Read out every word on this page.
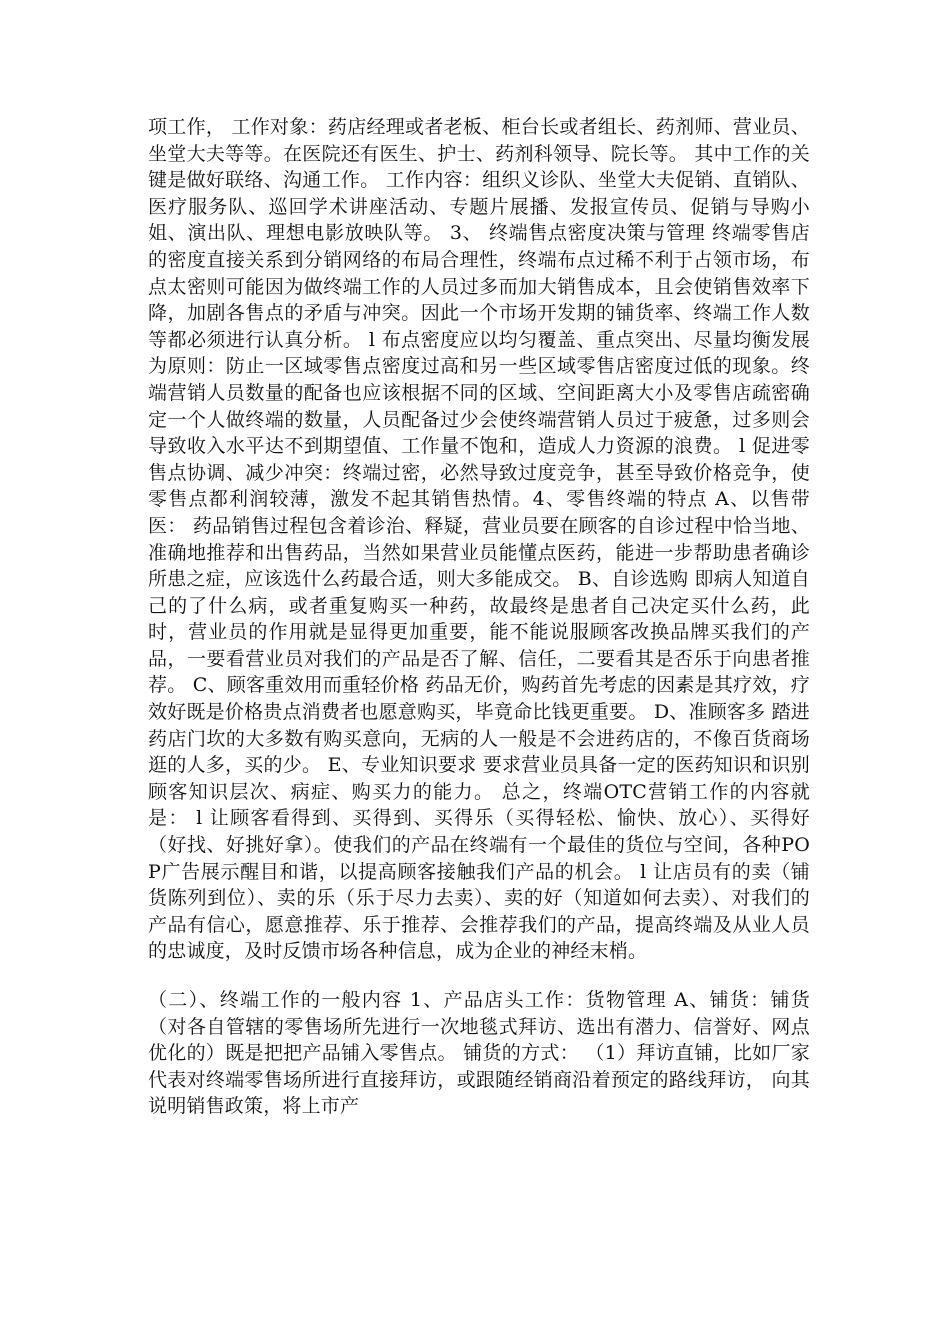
项工作， 工作对象：药店经理或者老板、柜台长或者组长、药剂师、营业员、坐堂大夫等等。在医院还有医生、护士、药剂科领导、院长等。 其中工作的关键是做好联络、沟通工作。 工作内容：组织义诊队、坐堂大夫促销、直销队、医疗服务队、巡回学术讲座活动、专题片展播、发报宣传员、促销与导购小姐、演出队、理想电影放映队等。 3、 终端售点密度决策与管理 终端零售店的密度直接关系到分销网络的布局合理性，终端布点过稀不利于占领市场，布点太密则可能因为做终端工作的人员过多而加大销售成本，且会使销售效率下降，加剧各售点的矛盾与冲突。因此一个市场开发期的铺货率、终端工作人数等都必须进行认真分析。 l 布点密度应以均匀覆盖、重点突出、尽量均衡发展为原则：防止一区域零售点密度过高和另一些区域零售店密度过低的现象。终端营销人员数量的配备也应该根据不同的区域、空间距离大小及零售店疏密确定一个人做终端的数量，人员配备过少会使终端营销人员过于疲惫，过多则会导致收入水平达不到期望值、工作量不饱和，造成人力资源的浪费。 l 促进零售点协调、减少冲突：终端过密，必然导致过度竞争，甚至导致价格竞争，使零售点都利润较薄，激发不起其销售热情。4、零售终端的特点 A、以售带医： 药品销售过程包含着诊治、释疑，营业员要在顾客的自诊过程中恰当地、准确地推荐和出售药品，当然如果营业员能懂点医药，能进一步帮助患者确诊所患之症，应该选什么药最合适，则大多能成交。 B、自诊选购 即病人知道自己的了什么病，或者重复购买一种药，故最终是患者自己决定买什么药，此时，营业员的作用就是显得更加重要，能不能说服顾客改换品牌买我们的产品，一要看营业员对我们的产品是否了解、信任，二要看其是否乐于向患者推荐。 C、顾客重效用而重轻价格 药品无价，购药首先考虑的因素是其疗效，疗效好既是价格贵点消费者也愿意购买，毕竟命比钱更重要。 D、准顾客多 踏进药店门坎的大多数有购买意向，无病的人一般是不会进药店的，不像百货商场逛的人多，买的少。 E、专业知识要求 要求营业员具备一定的医药知识和识别顾客知识层次、病症、购买力的能力。 总之，终端OTC营销工作的内容就是： l 让顾客看得到、买得到、买得乐（买得轻松、愉快、放心）、买得好（好找、好挑好拿）。使我们的产品在终端有一个最佳的货位与空间，各种POP广告展示醒目和谐，以提高顾客接触我们产品的机会。 l 让店员有的卖（铺货陈列到位）、卖的乐（乐于尽力去卖）、卖的好（知道如何去卖）、对我们的产品有信心，愿意推荐、乐于推荐、会推荐我们的产品，提高终端及从业人员的忠诚度，及时反馈市场各种信息，成为企业的神经末梢。

（二）、终端工作的一般内容 1、产品店头工作：货物管理 A、铺货：铺货（对各自管辖的零售场所先进行一次地毯式拜访、选出有潜力、信誉好、网点优化的）既是把把产品铺入零售点。 铺货的方式： （1）拜访直铺，比如厂家代表对终端零售场所进行直接拜访，或跟随经销商沿着预定的路线拜访， 向其说明销售政策，将上市产
